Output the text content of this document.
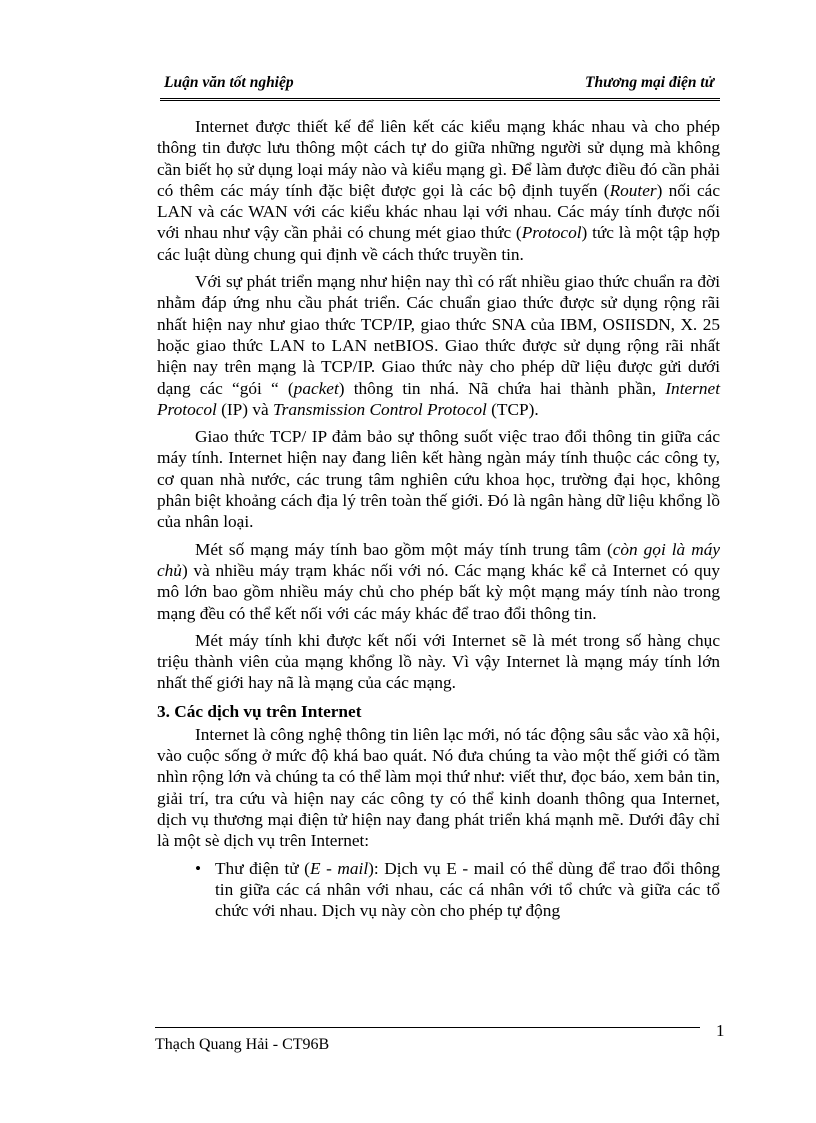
Luận văn tốt nghiệp	Thương mại điện tử

Internet được thiết kế để liên kết các kiểu mạng khác nhau và cho phép thông tin được lưu thông một cách tự do giữa những người sử dụng mà không cần biết họ sử dụng loại máy nào và kiểu mạng gì. Để làm được điều đó cần phải có thêm các máy tính đặc biệt được gọi là các bộ định tuyến (Router) nối các LAN và các WAN với các kiểu khác nhau lại với nhau. Các máy tính được nối với nhau như vậy cần phải có chung mét giao thức (Protocol) tức là một tập hợp các luật dùng chung qui định về cách thức truyền tin.

Với sự phát triển mạng như hiện nay thì có rất nhiều giao thức chuẩn ra đời nhằm đáp ứng nhu cầu phát triển. Các chuẩn giao thức được sử dụng rộng rãi nhất hiện nay như giao thức TCP/IP, giao thức SNA của IBM, OSIISDN, X. 25 hoặc giao thức LAN to LAN netBIOS. Giao thức được sử dụng rộng rãi nhất hiện nay trên mạng là TCP/IP. Giao thức này cho phép dữ liệu được gửi dưới dạng các “gói “ (packet) thông tin nhá. Nã chứa hai thành phần, Internet Protocol (IP) và Transmission Control Protocol (TCP).

Giao thức TCP/ IP đảm bảo sự thông suốt việc trao đổi thông tin giữa các máy tính. Internet hiện nay đang liên kết hàng ngàn máy tính thuộc các công ty, cơ quan nhà nước, các trung tâm nghiên cứu khoa học, trường đại học, không phân biệt khoảng cách địa lý trên toàn thế giới. Đó là ngân hàng dữ liệu khổng lồ của nhân loại.

Mét số mạng máy tính bao gồm một máy tính trung tâm (còn gọi là máy chủ) và nhiều máy trạm khác nối với nó. Các mạng khác kể cả Internet có quy mô lớn bao gồm nhiều máy chủ cho phép bất kỳ một mạng máy tính nào trong mạng đều có thể kết nối với các máy khác để trao đổi thông tin.

Mét máy tính khi được kết nối với Internet sẽ là mét trong số hàng chục triệu thành viên của mạng khổng lồ này. Vì vậy Internet là mạng máy tính lớn nhất thế giới hay nã là mạng của các mạng.

3. Các dịch vụ trên Internet

Internet là công nghệ thông tin liên lạc mới, nó tác động sâu sắc vào xã hội, vào cuộc sống ở mức độ khá bao quát. Nó đưa chúng ta vào một thế giới có tầm nhìn rộng lớn và chúng ta có thể làm mọi thứ như: viết thư, đọc báo, xem bản tin, giải trí, tra cứu và hiện nay các công ty có thể kinh doanh thông qua Internet, dịch vụ thương mại điện tử hiện nay đang phát triển khá mạnh mẽ. Dưới đây chỉ là một sè dịch vụ trên Internet:

• Thư điện tử (E - mail): Dịch vụ E - mail có thể dùng để trao đổi thông tin giữa các cá nhân với nhau, các cá nhân với tổ chức và giữa các tổ chức với nhau. Dịch vụ này còn cho phép tự động
1
Thạch Quang Hải - CT96B
